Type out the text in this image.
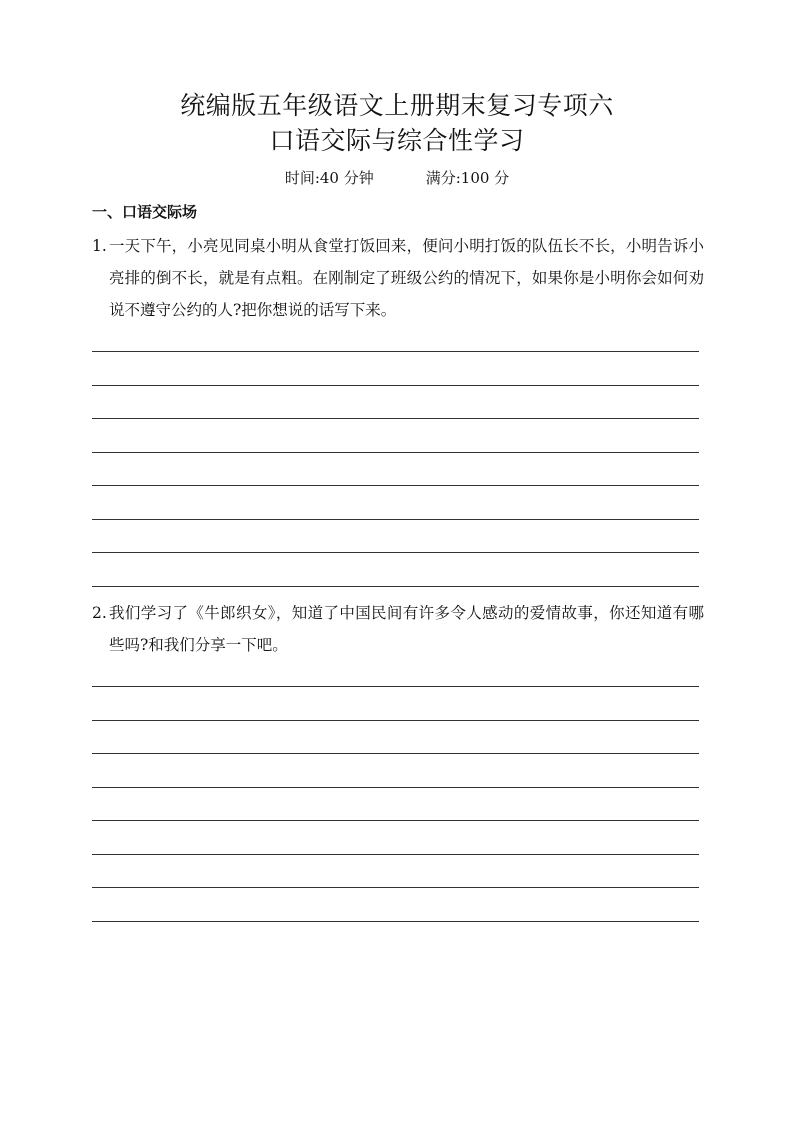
统编版五年级语文上册期末复习专项六
口语交际与综合性学习
时间:40 分钟	满分:100 分
一、口语交际场
1. 一天下午，小亮见同桌小明从食堂打饭回来，便问小明打饭的队伍长不长，小明告诉小亮排的倒不长，就是有点粗。在刚制定了班级公约的情况下，如果你是小明你会如何劝说不遵守公约的人?把你想说的话写下来。
2. 我们学习了《牛郎织女》，知道了中国民间有许多令人感动的爱情故事，你还知道有哪些吗?和我们分享一下吧。
